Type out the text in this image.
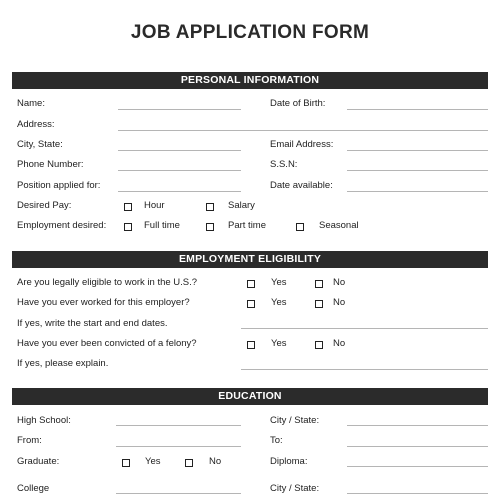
JOB APPLICATION FORM
PERSONAL INFORMATION
Name:	Date of Birth:
Address:
City, State:	Email Address:
Phone Number:	S.S.N:
Position applied for:	Date available:
Desired Pay:	Hour	Salary
Employment desired:	Full time	Part time	Seasonal
EMPLOYMENT ELIGIBILITY
Are you legally eligible to work in the U.S.?	Yes	No
Have you ever worked for this employer?	Yes	No
If yes, write the start and end dates.
Have you ever been convicted of a felony?	Yes	No
If yes, please explain.
EDUCATION
High School:	City / State:
From:	To:
Graduate:	Yes	No	Diploma:
College	City / State:
